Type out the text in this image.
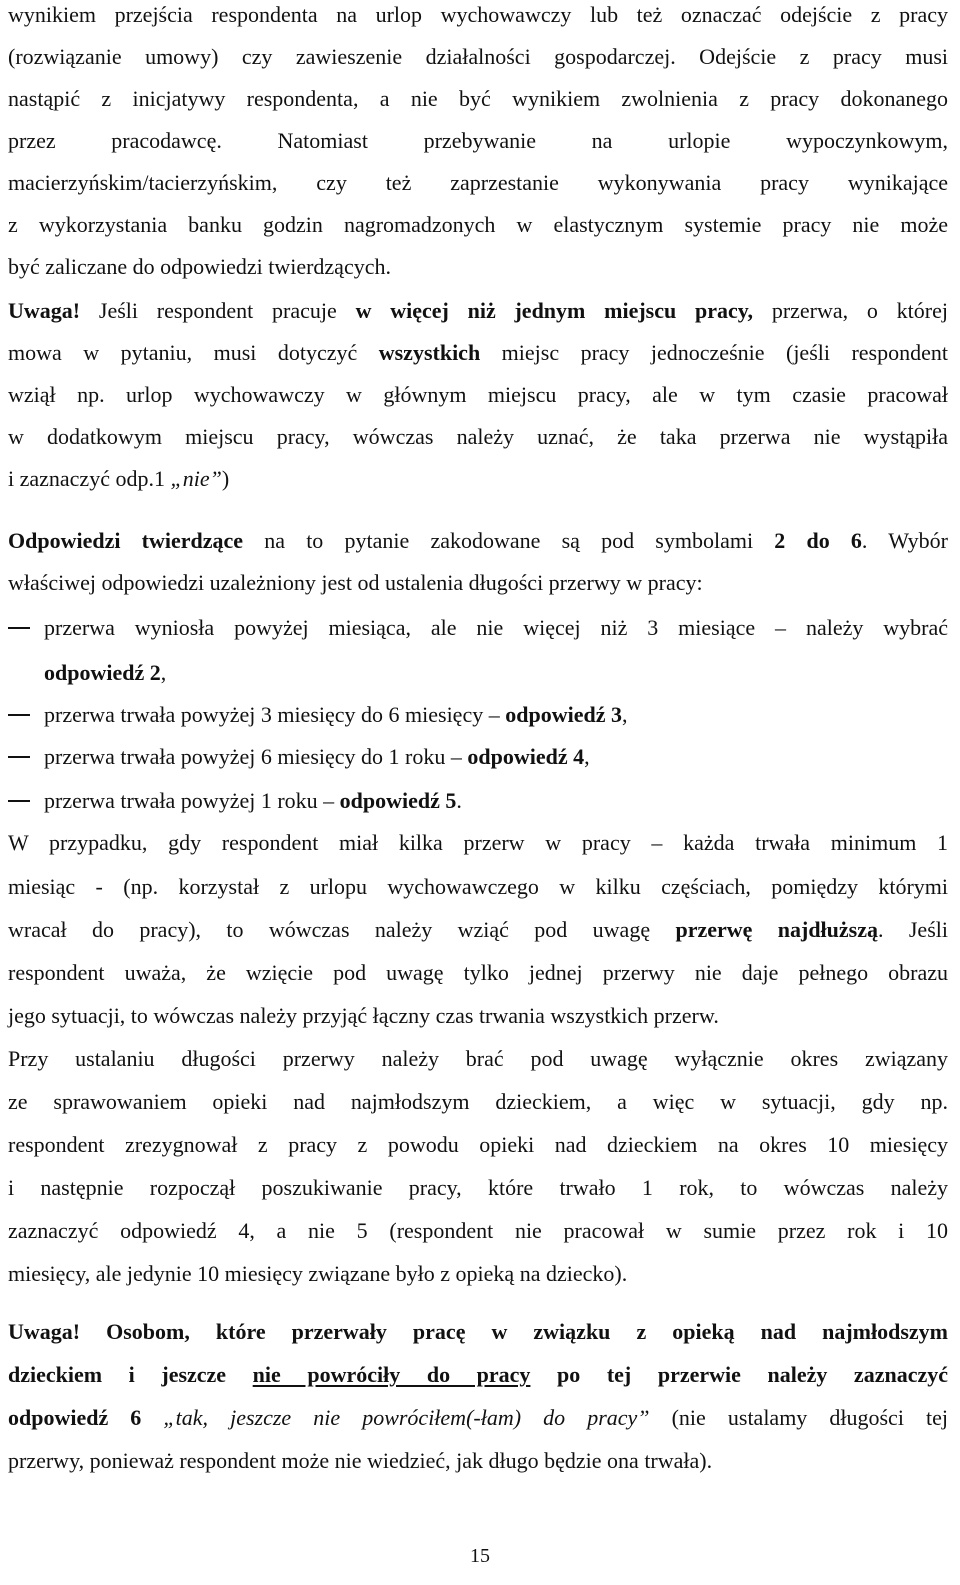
wynikiem przejścia respondenta na urlop wychowawczy lub też oznaczać odejście z pracy
(rozwiązanie umowy) czy zawieszenie działalności gospodarczej. Odejście z pracy musi
nastąpić z inicjatywy respondenta, a nie być wynikiem zwolnienia z pracy dokonanego
przez pracodawcę. Natomiast przebywanie na urlopie wypoczynkowym,
macierzyńskim/tacierzyńskim, czy też zaprzestanie wykonywania pracy wynikające
z wykorzystania banku godzin nagromadzonych w elastycznym systemie pracy nie może
być zaliczane do odpowiedzi twierdzących.
Uwaga! Jeśli respondent pracuje w więcej niż jednym miejscu pracy, przerwa, o której
mowa w pytaniu, musi dotyczyć wszystkich miejsc pracy jednocześnie (jeśli respondent
wziął np. urlop wychowawczy w głównym miejscu pracy, ale w tym czasie pracował
w dodatkowym miejscu pracy, wówczas należy uznać, że taka przerwa nie wystąpiła
i zaznaczyć odp.1 „nie”)
Odpowiedzi twierdzące na to pytanie zakodowane są pod symbolami 2 do 6. Wybór
właściwej odpowiedzi uzależniony jest od ustalenia długości przerwy w pracy:
przerwa wyniosła powyżej miesiąca, ale nie więcej niż 3 miesiące – należy wybrać
odpowiedź 2,
przerwa trwała powyżej 3 miesięcy do 6 miesięcy – odpowiedź 3,
przerwa trwała powyżej 6 miesięcy do 1 roku – odpowiedź 4,
przerwa trwała powyżej 1 roku – odpowiedź 5.
W przypadku, gdy respondent miał kilka przerw w pracy – każda trwała minimum 1
miesiąc - (np. korzystał z urlopu wychowawczego w kilku częściach, pomiędzy którymi
wracał do pracy), to wówczas należy wziąć pod uwagę przerwę najdłuższą. Jeśli
respondent uważa, że wzięcie pod uwagę tylko jednej przerwy nie daje pełnego obrazu
jego sytuacji, to wówczas należy przyjąć łączny czas trwania wszystkich przerw.
Przy ustalaniu długości przerwy należy brać pod uwagę wyłącznie okres związany
ze sprawowaniem opieki nad najmłodszym dzieckiem, a więc w sytuacji, gdy np.
respondent zrezygnował z pracy z powodu opieki nad dzieckiem na okres 10 miesięcy
i następnie rozpoczął poszukiwanie pracy, które trwało 1 rok, to wówczas należy
zaznaczyć odpowiedź 4, a nie 5 (respondent nie pracował w sumie przez rok i 10
miesięcy, ale jedynie 10 miesięcy związane było z opieką na dziecko).
Uwaga! Osobom, które przerwały pracę w związku z opieką nad najmłodszym
dzieckiem i jeszcze nie powróciły do pracy po tej przerwie należy zaznaczyć
odpowiedź 6 „tak, jeszcze nie powróciłem(-łam) do pracy” (nie ustalamy długości tej
przerwy, ponieważ respondent może nie wiedzieć, jak długo będzie ona trwała).
15
